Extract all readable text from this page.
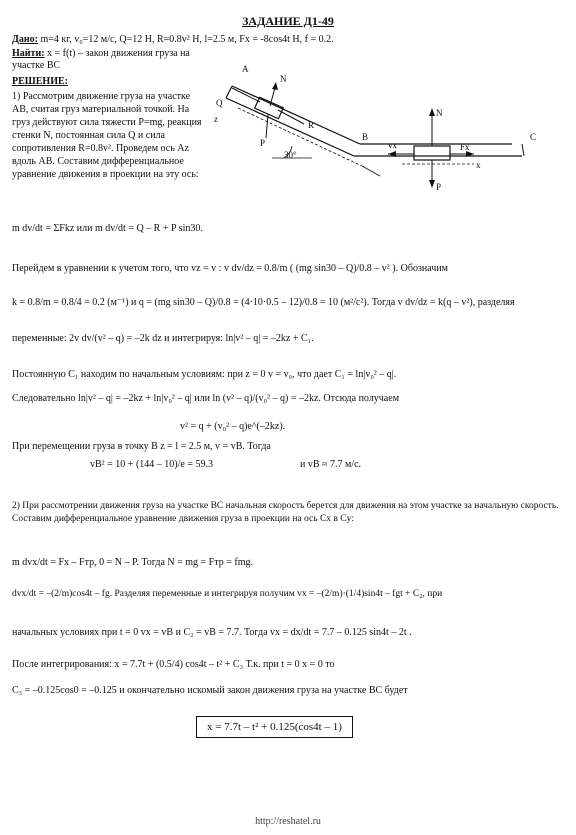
ЗАДАНИЕ Д1-49
Дано: m=4 кг, v₀=12 м/с, Q=12 Н, R=0.8v² Н, l=2.5 м, Fx = -8cos4t Н, f = 0.2.
Найти: x = f(t) – закон движения груза на участке BC
РЕШЕНИЕ:
A
N
Q
z
R
P
30°
B	C
N
vx
x
Fx
P
1) Рассмотрим движение груза на участке AB, считая груз материальной точкой. На груз действуют сила тяжести P=mg, реакция стенки N, постоянная сила Q и сила сопротивления R=0.8v². Проведем ось Az вдоль AB. Составим дифференциальное уравнение движения в проекции на эту ось:
m dv/dt = ΣFkz или m dv/dt = Q – R + P sin30.
Перейдем в уравнении к учетом того, что vz = v : v dv/dz = 0.8/m ( (mg sin30 – Q)/0.8 – v² ). Обозначим
k = 0.8/m = 0.8/4 = 0.2 (м⁻¹) и q = (mg sin30 – Q)/0.8 = (4·10·0.5 – 12)/0.8 = 10 (м²/с²). Тогда v dv/dz = k(q – v²), разделяя
переменные: 2v dv/(v² – q) = –2k dz и интегрируя: ln|v² – q| = –2kz + C₁.
Постоянную C₁ находим по начальным условиям: при z = 0 v = v₀, что дает C₁ = ln|v₀² – q|.
Следовательно ln|v² – q| = –2kz + ln|v₀² – q| или ln (v² – q)/(v₀² – q) = –2kz. Отсюда получаем
v² = q + (v₀² – q)e^(–2kz).
При перемещении груза в точку B z = l = 2.5 м, v = vB. Тогда
vB² = 10 + (144 – 10)/e = 59.3	и vB ≈ 7.7 м/с.
2) При рассмотрении движения груза на участке BC начальная скорость берется для движения на этом участке за начальную скорость. Составим дифференциальное уравнение движения груза в проекции на ось Cx в Cy:
m dvx/dt = Fx – Fтр, 0 = N – P. Тогда N = mg = Fтр = fmg.
dvx/dt = –(2/m)cos4t – fg. Разделяя переменные и интегрируя получим vx = –(2/m)·(1/4)sin4t – fgt + C₂, при
начальных условиях при t = 0 vx = vB и C₂ = vB = 7.7. Тогда vx = dx/dt = 7.7 – 0.125 sin4t – 2t .
После интегрирования: x = 7.7t + (0.5/4) cos4t – t² + C₃ Т.к. при t = 0 x = 0 то
C₃ = –0.125cos0 = –0.125 и окончательно искомый закон движения груза на участке BC будет
x = 7.7t – t² + 0.125(cos4t – 1)
http://reshatel.ru
